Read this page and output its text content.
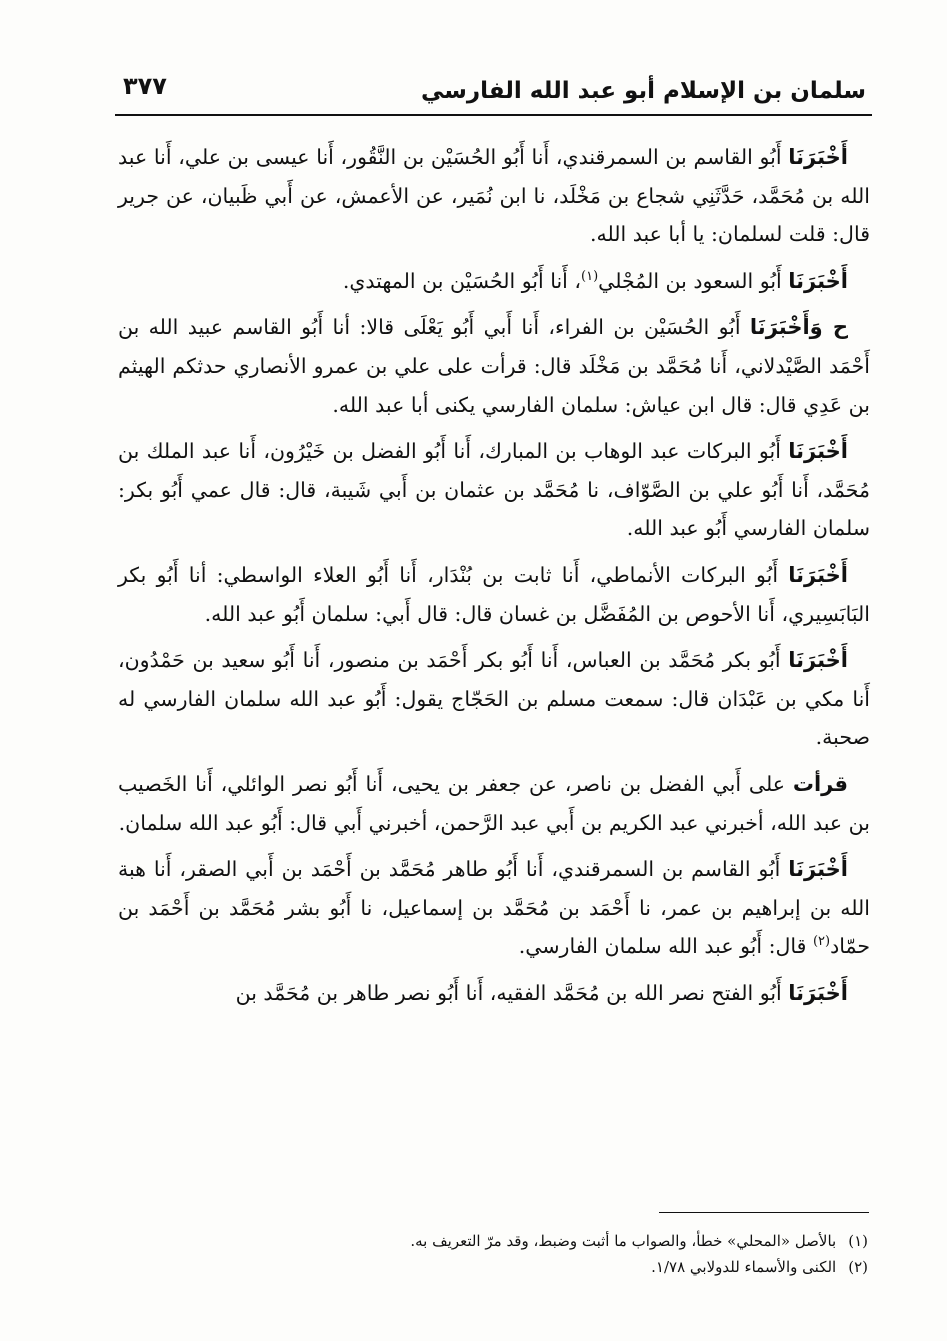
سلمان بن الإسلام أبو عبد الله الفارسي
٣٧٧

أَخْبَرَنَا أَبُو القاسم بن السمرقندي، أَنا أَبُو الحُسَيْن بن النَّقُور، أَنا عيسى بن علي، أَنا عبد الله بن مُحَمَّد، حَدَّثَنِي شجاع بن مَخْلَد، نا ابن نُمَير، عن الأعمش، عن أَبي ظَبيان، عن جرير قال: قلت لسلمان: يا أبا عبد الله.

أَخْبَرَنَا أَبُو السعود بن المُجْلي$^{(١)}$، أَنا أَبُو الحُسَيْن بن المهتدي.

ح وَأَخْبَرَنَا أَبُو الحُسَيْن بن الفراء، أَنا أَبي أَبُو يَعْلَى قالا: أنا أَبُو القاسم عبيد الله بن أَحْمَد الصَّيْدلاني، أَنا مُحَمَّد بن مَخْلَد قال: قرأت على علي بن عمرو الأنصاري حدثكم الهيثم بن عَدِي قال: قال ابن عياش: سلمان الفارسي يكنى أبا عبد الله.

أَخْبَرَنَا أَبُو البركات عبد الوهاب بن المبارك، أَنا أَبُو الفضل بن خَيْرُون، أَنا عبد الملك بن مُحَمَّد، أَنا أَبُو علي بن الصَّوّاف، نا مُحَمَّد بن عثمان بن أَبي شَيبة، قال: قال عمي أَبُو بكر: سلمان الفارسي أَبُو عبد الله.

أَخْبَرَنَا أَبُو البركات الأنماطي، أَنا ثابت بن بُنْدَار، أَنا أَبُو العلاء الواسطي: أنا أَبُو بكر البَابَسِيري، أَنا الأحوص بن المُفَضَّل بن غسان قال: قال أَبي: سلمان أَبُو عبد الله.

أَخْبَرَنَا أَبُو بكر مُحَمَّد بن العباس، أَنا أَبُو بكر أَحْمَد بن منصور، أَنا أَبُو سعيد بن حَمْدُون، أَنا مكي بن عَبْدَان قال: سمعت مسلم بن الحَجّاج يقول: أَبُو عبد الله سلمان الفارسي له صحبة.

قرأت على أَبي الفضل بن ناصر، عن جعفر بن يحيى، أَنا أَبُو نصر الوائلي، أَنا الخَصيب بن عبد الله، أخبرني عبد الكريم بن أَبي عبد الرَّحمن، أخبرني أَبي قال: أَبُو عبد الله سلمان.

أَخْبَرَنَا أَبُو القاسم بن السمرقندي، أَنا أَبُو طاهر مُحَمَّد بن أَحْمَد بن أَبي الصقر، أَنا هبة الله بن إبراهيم بن عمر، نا أَحْمَد بن مُحَمَّد بن إسماعيل، نا أَبُو بشر مُحَمَّد بن أَحْمَد بن حمّاد$^{(٢)}$ قال: أَبُو عبد الله سلمان الفارسي.

أَخْبَرَنَا أَبُو الفتح نصر الله بن مُحَمَّد الفقيه، أَنا أَبُو نصر طاهر بن مُحَمَّد بن

(١)بالأصل «المحلي» خطأ، والصواب ما أثبت وضبط، وقد مرّ التعريف به.

(٢)الكنى والأسماء للدولابي ١/٧٨.
